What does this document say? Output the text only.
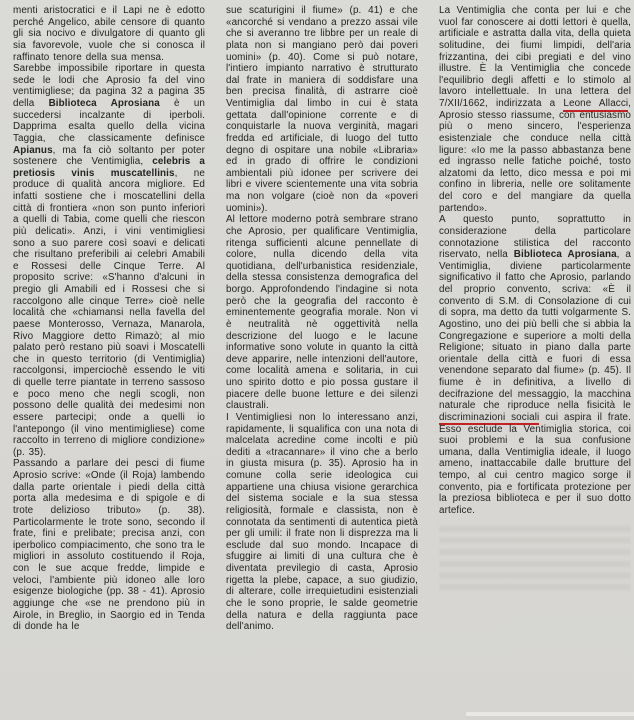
menti aristocratici e il Lapi ne è edotto perché Angelico, abile censore di quanto gli sia nocivo e divulgatore di quanto gli sia favorevole, vuole che si conosca il raffinato tenore della sua mensa.

Sarebbe impossibile riportare in questa sede le lodi che Aprosio fa del vino ventimigliese; da pagina 32 a pagina 35 della Biblioteca Aprosiana è un succedersi incalzante di iperboli. Dapprima esalta quello della vicina Taggia, che classicamente definisce Apianus, ma fa ciò soltanto per poter sostenere che Ventimiglia, celebris a pretiosis vinis muscatellinis, ne produce di qualità ancora migliore. Ed infatti sostiene che i moscatellini della città di frontiera «non son punto inferiori a quelli di Tabia, come quelli che riescon più delicati». Anzi, i vini ventimigliesi sono a suo parere così soavi e delicati che risultano preferibili ai celebri Amabili e Rossesi delle Cinque Terre. Al proposito scrive: «S'hanno d'alcuni in pregio gli Amabili ed i Rossesi che si raccolgono alle cinque Terre» cioè nelle località che «chiamansi nella favella del paese Monterosso, Vernaza, Manarola, Rivo Maggiore detto Rimazò; al mio palato però restano più soavi i Moscatelli che in questo territorio (di Ventimiglia) raccolgonsi, imperciochè essendo le viti di quelle terre piantate in terreno sassoso e poco meno che negli scogli, non possono delle qualità dei medesimi non essere partecipi; onde a quelli io l'antepongo (il vino mentimigliese) come raccolto in terreno di migliore condizione» (p. 35).

Passando a parlare dei pesci di fiume Aprosio scrive: «Onde (il Roja) lambendo dalla parte orientale i piedi della città porta alla medesima e di spigole e di trote delizioso tributo» (p. 38). Particolarmente le trote sono, secondo il frate, fini e prelibate; precisa anzi, con iperbolico compiacimento, che sono tra le migliori in assoluto costituendo il Roja, con le sue acque fredde, limpide e veloci, l'ambiente più idoneo alle loro esigenze biologiche (pp. 38 - 41). Aprosio aggiunge che «se ne prendono più in Airole, in Breglio, in Saorgio ed in Tenda di donde ha le

sue scaturigini il fiume» (p. 41) e che «ancorché si vendano a prezzo assai vile che si averanno tre libbre per un reale di plata non si mangiano però dai poveri uomini» (p. 40). Come si può notare, l'intiero impianto narrativo è strutturato dal frate in maniera di soddisfare una ben precisa finalità, di astrarre cioè Ventimiglia dal limbo in cui è stata gettata dall'opinione corrente e di conquistarle la nuova verginità, magari fredda ed artificiale, di luogo del tutto degno di ospitare una nobile «Libraria» ed in grado di offrire le condizioni ambientali più idonee per scrivere dei libri e vivere scientemente una vita sobria ma non volgare (cioè non da «poveri uomini»).

Al lettore moderno potrà sembrare strano che Aprosio, per qualificare Ventimiglia, ritenga sufficienti alcune pennellate di colore, nulla dicendo della vita quotidiana, dell'urbanistica residenziale, della stessa consistenza demografica del borgo. Approfondendo l'indagine si nota però che la geografia del racconto è eminentemente geografia morale. Non vi è neutralità nè oggettività nella descrizione del luogo e le lacune informative sono volute in quanto la città deve apparire, nelle intenzioni dell'autore, come località amena e solitaria, in cui uno spirito dotto e pio possa gustare il piacere delle buone letture e dei silenzi claustrali.

I Ventimigliesi non lo interessano anzi, rapidamente, li squalifica con una nota di malcelata acredine come incolti e più dediti a «tracannare» il vino che a berlo in giusta misura (p. 35). Aprosio ha in comune colla serie ideologica cui appartiene una chiusa visione gerarchica del sistema sociale e la sua stessa religiosità, formale e classista, non è connotata da sentimenti di autentica pietà per gli umili: il frate non li disprezza ma li esclude dal suo mondo. Incapace di sfuggire ai limiti di una cultura che è diventata previlegio di casta, Aprosio rigetta la plebe, capace, a suo giudizio, di alterare, colle irrequietudini esistenziali che le sono proprie, le salde geometrie della natura e della raggiunta pace dell'animo.

La Ventimiglia che conta per lui e che vuol far conoscere ai dotti lettori è quella, artificiale e astratta dalla vita, della quieta solitudine, dei fiumi limpidi, dell'aria frizzantina, dei cibi pregiati e del vino illustre. È la Ventimiglia che concede l'equilibrio degli affetti e lo stimolo al lavoro intellettuale. In una lettera del 7/XII/1662, indirizzata a Leone Allacci, Aprosio stesso riassume, con entusiasmo più o meno sincero, l'esperienza esistenziale che conduce nella città ligure: «Io me la passo abbastanza bene ed ingrasso nelle fatiche poiché, tosto alzatomi da letto, dico messa e poi mi confino in libreria, nelle ore solitamente del coro e del mangiare da quella partendo».

A questo punto, soprattutto in considerazione della particolare connotazione stilistica del racconto riservato, nella Biblioteca Aprosiana, a Ventimiglia, diviene particolarmente significativo il fatto che Aprosio, parlando del proprio convento, scriva: «È il convento di S.M. di Consolazione di cui di sopra, ma detto da tutti volgarmente S. Agostino, uno dei più belli che si abbia la Congregazione e superiore a molti della Religione; situato in piano dalla parte orientale della città e fuori di essa venendone separato dal fiume» (p. 45). Il fiume è in definitiva, a livello di decifrazione del messaggio, la macchina naturale che riproduce nella fisicità le discriminazioni sociali cui aspira il frate. Esso esclude la Ventimiglia storica, coi suoi problemi e la sua confusione umana, dalla Ventimiglia ideale, il luogo ameno, inattaccabile dalle brutture del tempo, al cui centro magico sorge il convento, pia e fortificata protezione per la preziosa biblioteca e per il suo dotto artefice.
